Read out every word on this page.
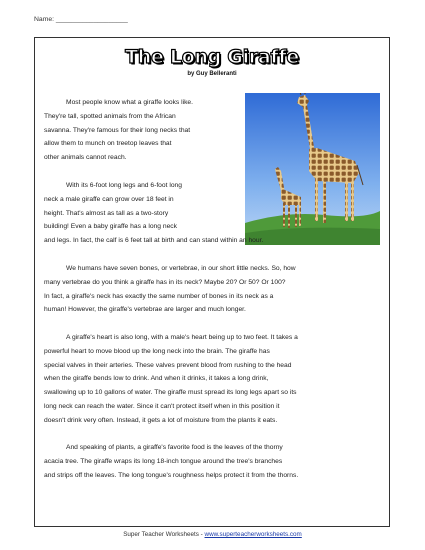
Name: ___________________
The Long Giraffe
by Guy Belleranti
Most people know what a giraffe looks like.
They're tall, spotted animals from the African
savanna. They're famous for their long necks that
allow them to munch on treetop leaves that
other animals cannot reach.
With its 6-foot long legs and 6-foot long
neck a male giraffe can grow over 18 feet in
height. That's almost as tall as a two-story
building! Even a baby giraffe has a long neck
and legs. In fact, the calf is 6 feet tall at birth and can stand within an hour.
We humans have seven bones, or vertebrae, in our short little necks. So, how
many vertebrae do you think a giraffe has in its neck? Maybe 20? Or 50? Or 100?
In fact, a giraffe's neck has exactly the same number of bones in its neck as a
human! However, the giraffe's vertebrae are larger and much longer.
A giraffe's heart is also long, with a male's heart being up to two feet. It takes a
powerful heart to move blood up the long neck into the brain. The giraffe has
special valves in their arteries. These valves prevent blood from rushing to the head
when the giraffe bends low to drink. And when it drinks, it takes a long drink,
swallowing up to 10 gallons of water. The giraffe must spread its long legs apart so its
long neck can reach the water. Since it can't protect itself when in this position it
doesn't drink very often. Instead, it gets a lot of moisture from the plants it eats.
And speaking of plants, a giraffe's favorite food is the leaves of the thorny
acacia tree. The giraffe wraps its long 18-inch tongue around the tree's branches
and strips off the leaves. The long tongue's roughness helps protect it from the thorns.
Super Teacher Worksheets - www.superteacherworksheets.com
